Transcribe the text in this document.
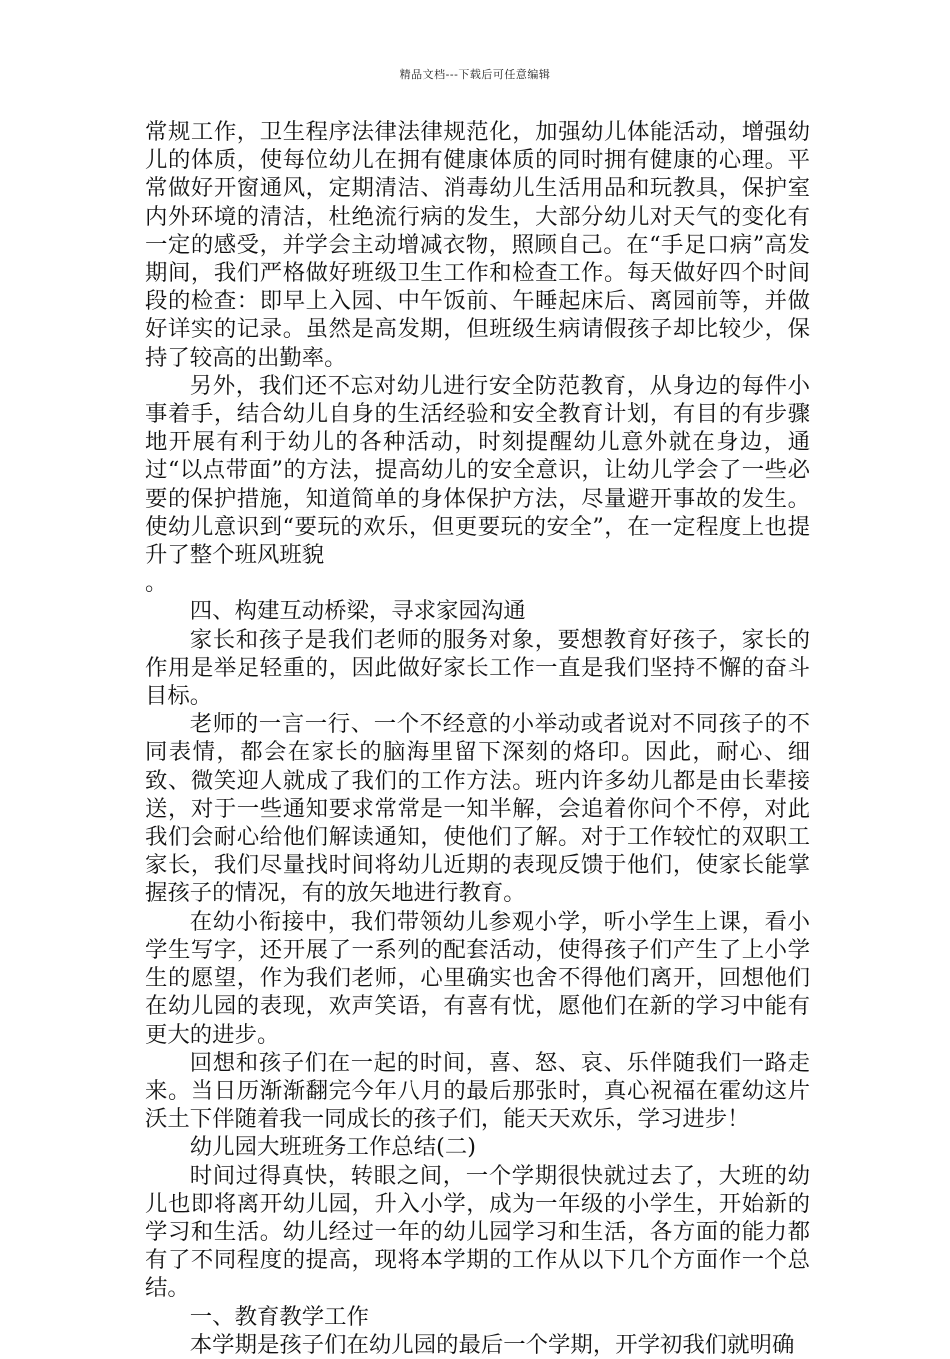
精品文档---下载后可任意编辑

常规工作，卫生程序法律法律规范化，加强幼儿体能活动，增强幼儿的体质，使每位幼儿在拥有健康体质的同时拥有健康的心理。平常做好开窗通风，定期清洁、消毒幼儿生活用品和玩教具，保护室内外环境的清洁，杜绝流行病的发生，大部分幼儿对天气的变化有一定的感受，并学会主动增减衣物，照顾自己。在“手足口病”高发期间，我们严格做好班级卫生工作和检查工作。每天做好四个时间段的检查：即早上入园、中午饭前、午睡起床后、离园前等，并做好详实的记录。虽然是高发期，但班级生病请假孩子却比较少，保持了较高的出勤率。

另外，我们还不忘对幼儿进行安全防范教育，从身边的每件小事着手，结合幼儿自身的生活经验和安全教育计划，有目的有步骤地开展有利于幼儿的各种活动，时刻提醒幼儿意外就在身边，通过“以点带面”的方法，提高幼儿的安全意识，让幼儿学会了一些必要的保护措施，知道简单的身体保护方法，尽量避开事故的发生。使幼儿意识到“要玩的欢乐，但更要玩的安全”，在一定程度上也提升了整个班风班貌

。

四、构建互动桥梁，寻求家园沟通

家长和孩子是我们老师的服务对象，要想教育好孩子，家长的作用是举足轻重的，因此做好家长工作一直是我们坚持不懈的奋斗目标。

老师的一言一行、一个不经意的小举动或者说对不同孩子的不同表情，都会在家长的脑海里留下深刻的烙印。因此，耐心、细致、微笑迎人就成了我们的工作方法。班内许多幼儿都是由长辈接送，对于一些通知要求常常是一知半解，会追着你问个不停，对此我们会耐心给他们解读通知，使他们了解。对于工作较忙的双职工家长，我们尽量找时间将幼儿近期的表现反馈于他们，使家长能掌握孩子的情况，有的放矢地进行教育。

在幼小衔接中，我们带领幼儿参观小学，听小学生上课，看小学生写字，还开展了一系列的配套活动，使得孩子们产生了上小学生的愿望，作为我们老师，心里确实也舍不得他们离开，回想他们在幼儿园的表现，欢声笑语，有喜有忧，愿他们在新的学习中能有更大的进步。

回想和孩子们在一起的时间，喜、怒、哀、乐伴随我们一路走来。当日历渐渐翻完今年八月的最后那张时，真心祝福在霍幼这片沃土下伴随着我一同成长的孩子们，能天天欢乐，学习进步！

幼儿园大班班务工作总结(二)

时间过得真快，转眼之间，一个学期很快就过去了，大班的幼儿也即将离开幼儿园，升入小学，成为一年级的小学生，开始新的学习和生活。幼儿经过一年的幼儿园学习和生活，各方面的能力都有了不同程度的提高，现将本学期的工作从以下几个方面作一个总结。

一、教育教学工作

本学期是孩子们在幼儿园的最后一个学期，开学初我们就明确
